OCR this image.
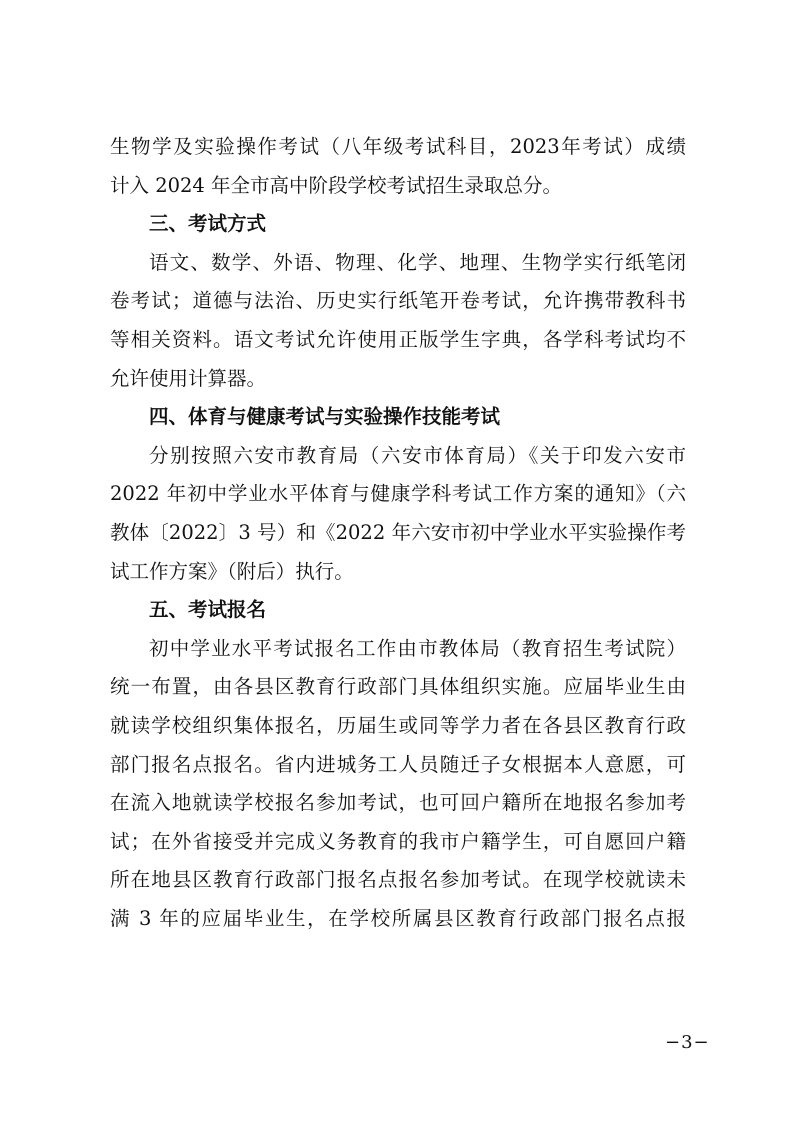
生物学及实验操作考试（八年级考试科目，2023年考试）成绩
计入 2024 年全市高中阶段学校考试招生录取总分。
三、考试方式
语文、数学、外语、物理、化学、地理、生物学实行纸笔闭
卷考试；道德与法治、历史实行纸笔开卷考试，允许携带教科书
等相关资料。语文考试允许使用正版学生字典，各学科考试均不
允许使用计算器。
四、体育与健康考试与实验操作技能考试
分别按照六安市教育局（六安市体育局）《关于印发六安市
2022 年初中学业水平体育与健康学科考试工作方案的通知》（六
教体〔2022〕3 号）和《2022 年六安市初中学业水平实验操作考
试工作方案》（附后）执行。
五、考试报名
初中学业水平考试报名工作由市教体局（教育招生考试院）
统一布置，由各县区教育行政部门具体组织实施。应届毕业生由
就读学校组织集体报名，历届生或同等学力者在各县区教育行政
部门报名点报名。省内进城务工人员随迁子女根据本人意愿，可
在流入地就读学校报名参加考试，也可回户籍所在地报名参加考
试；在外省接受并完成义务教育的我市户籍学生，可自愿回户籍
所在地县区教育行政部门报名点报名参加考试。在现学校就读未
满 3 年的应届毕业生，在学校所属县区教育行政部门报名点报
−3−
